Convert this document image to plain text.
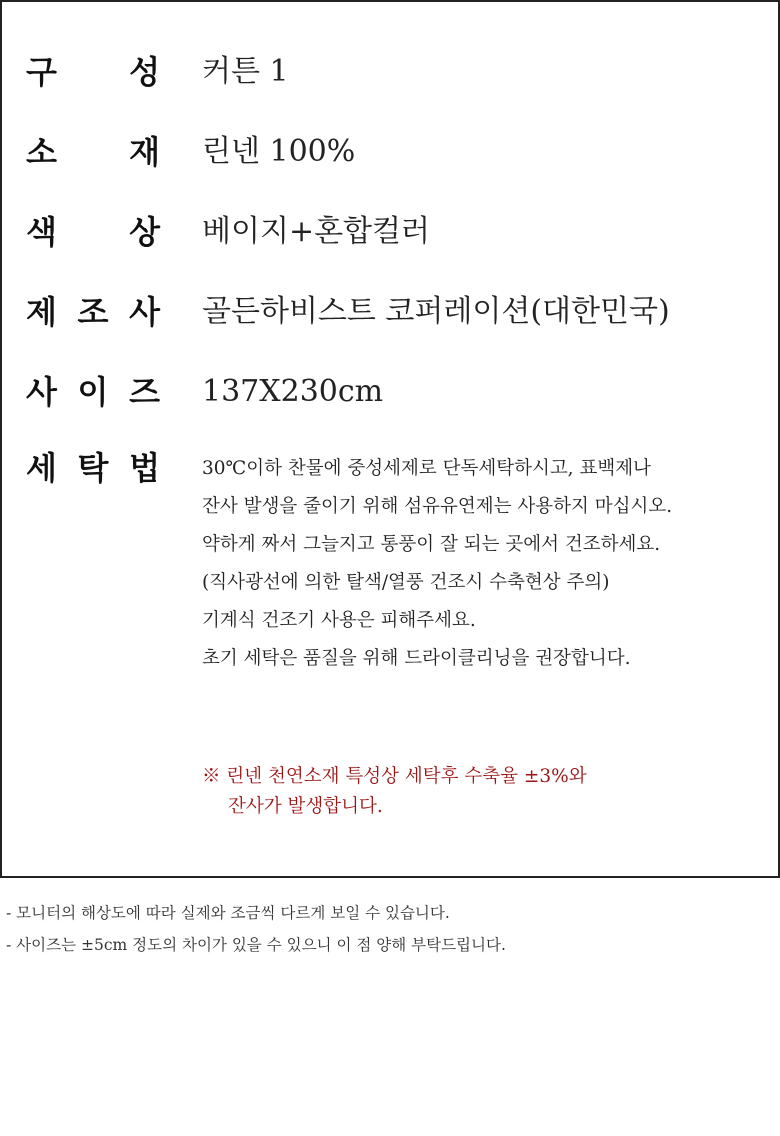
구 성 커튼 1
소 재 린넨 100%
색 상 베이지+혼합컬러
제 조 사 골든하비스트 코퍼레이션(대한민국)
사 이 즈 137X230cm
세 탁 법 30℃이하 찬물에 중성세제로 단독세탁하시고, 표백제나
잔사 발생을 줄이기 위해 섬유유연제는 사용하지 마십시오.
약하게 짜서 그늘지고 통풍이 잘 되는 곳에서 건조하세요.
(직사광선에 의한 탈색/열풍 건조시 수축현상 주의)
기계식 건조기 사용은 피해주세요.
초기 세탁은 품질을 위해 드라이클리닝을 권장합니다.
※ 린넨 천연소재 특성상 세탁후 수축율 ±3%와
잔사가 발생합니다.
- 모니터의 해상도에 따라 실제와 조금씩 다르게 보일 수 있습니다.
- 사이즈는 ±5cm 정도의 차이가 있을 수 있으니 이 점 양해 부탁드립니다.
